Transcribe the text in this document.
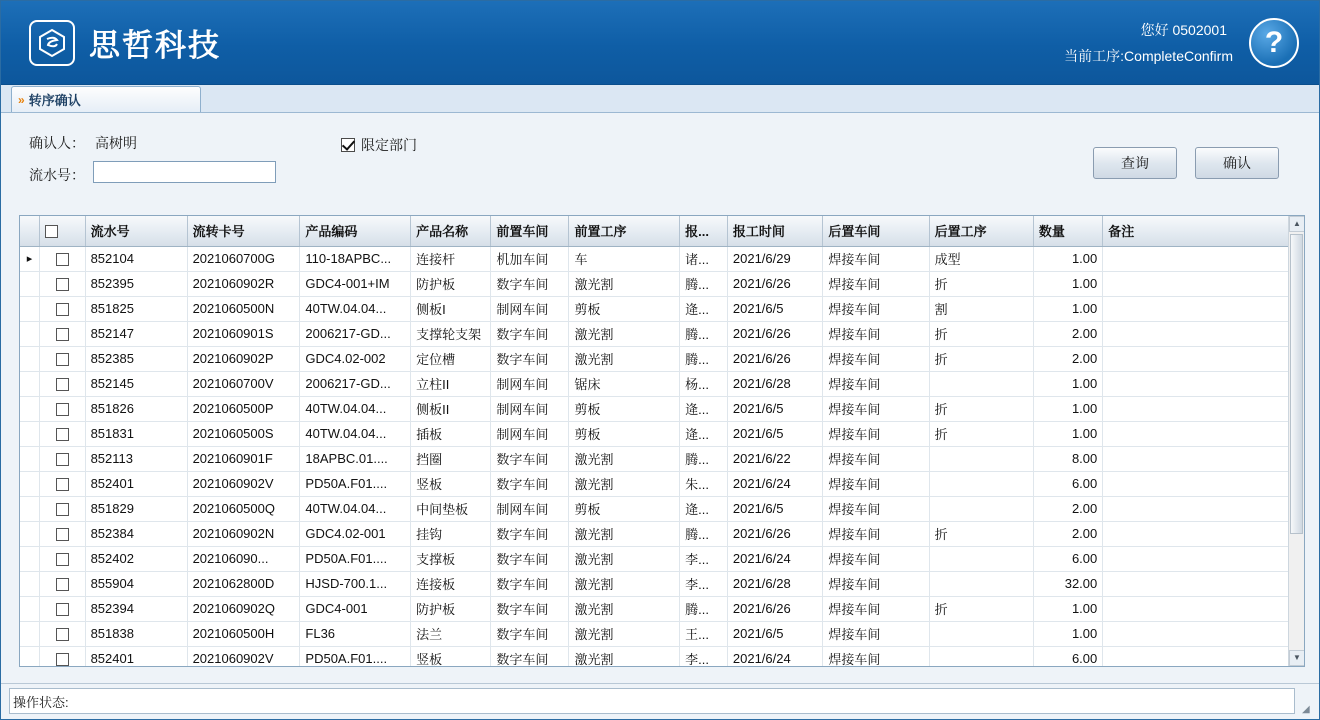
思哲科技	您好 0502001
当前工序:CompleteConfirm	?
» 转序确认
确认人： 高树明
流水号：
限定部门
查询	确认
		流水号	流转卡号	产品编码	产品名称	前置车间	前置工序	报...	报工时间	后置车间	后置工序	数量	备注
▸		852104	2021060700G	110-18APBC...	连接杆	机加车间	车	诸...	2021/6/29	焊接车间	成型	1.00	
		852395	2021060902R	GDC4-001+IM	防护板	数字车间	激光割	腾...	2021/6/26	焊接车间	折	1.00	
		851825	2021060500N	40TW.04.04...	侧板I	制网车间	剪板	逄...	2021/6/5	焊接车间	割	1.00	
		852147	2021060901S	2006217-GD...	支撑轮支架	数字车间	激光割	腾...	2021/6/26	焊接车间	折	2.00	
		852385	2021060902P	GDC4.02-002	定位槽	数字车间	激光割	腾...	2021/6/26	焊接车间	折	2.00	
		852145	2021060700V	2006217-GD...	立柱II	制网车间	锯床	杨...	2021/6/28	焊接车间		1.00	
		851826	2021060500P	40TW.04.04...	侧板II	制网车间	剪板	逄...	2021/6/5	焊接车间	折	1.00	
		851831	2021060500S	40TW.04.04...	插板	制网车间	剪板	逄...	2021/6/5	焊接车间	折	1.00	
		852113	2021060901F	18APBC.01....	挡圈	数字车间	激光割	腾...	2021/6/22	焊接车间		8.00	
		852401	2021060902V	PD50A.F01....	竖板	数字车间	激光割	朱...	2021/6/24	焊接车间		6.00	
		851829	2021060500Q	40TW.04.04...	中间垫板	制网车间	剪板	逄...	2021/6/5	焊接车间		2.00	
		852384	2021060902N	GDC4.02-001	挂钩	数字车间	激光割	腾...	2021/6/26	焊接车间	折	2.00	
		852402	202106090...	PD50A.F01....	支撑板	数字车间	激光割	李...	2021/6/24	焊接车间		6.00	
		855904	2021062800D	HJSD-700.1...	连接板	数字车间	激光割	李...	2021/6/28	焊接车间		32.00	
		852394	2021060902Q	GDC4-001	防护板	数字车间	激光割	腾...	2021/6/26	焊接车间	折	1.00	
		851838	2021060500H	FL36	法兰	数字车间	激光割	王...	2021/6/5	焊接车间		1.00	
		852401	2021060902V	PD50A.F01....	竖板	数字车间	激光割	李...	2021/6/24	焊接车间		6.00	
▲
▼
操作状态:	◢
